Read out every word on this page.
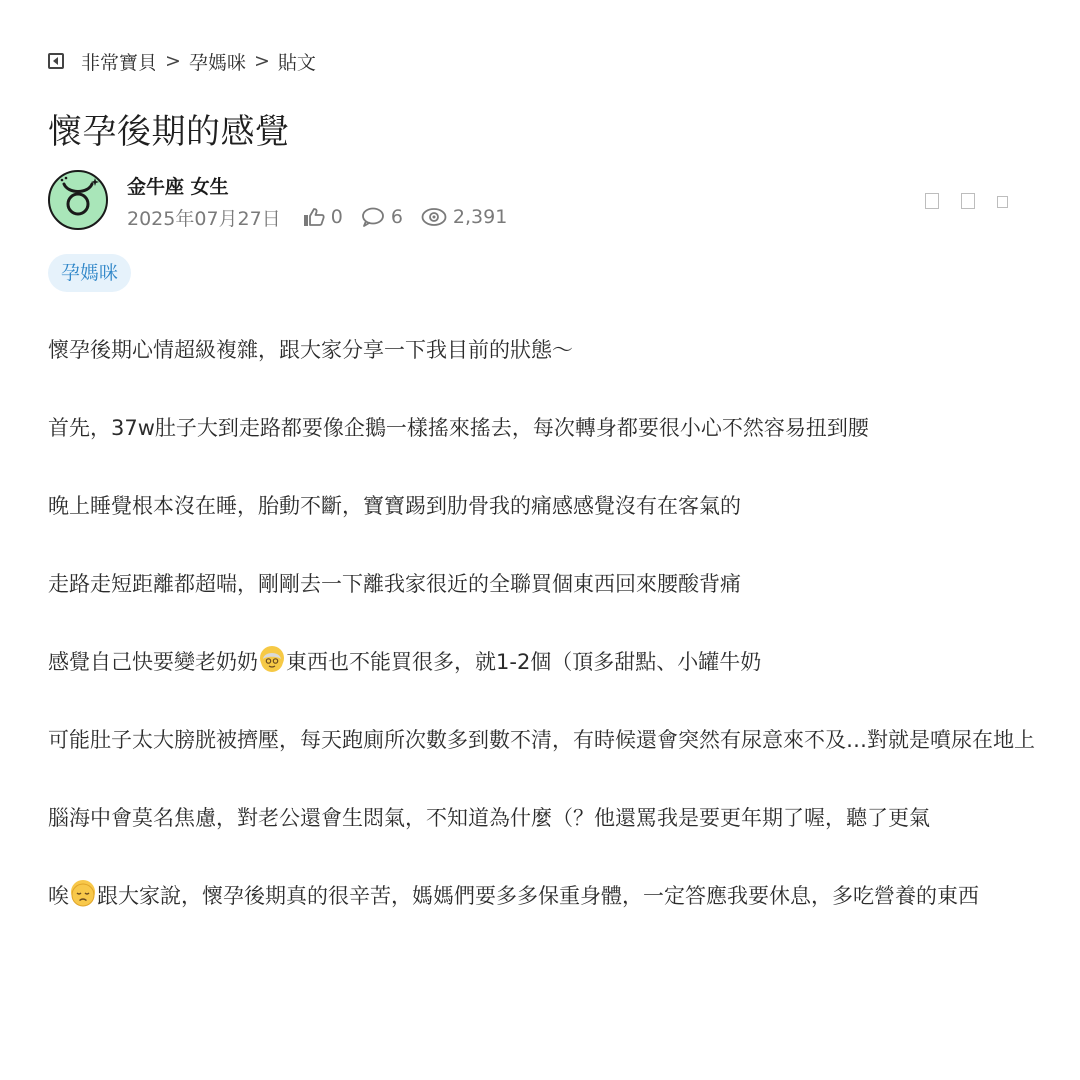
非常寶貝 > 孕媽咪 > 貼文
懷孕後期的感覺
金牛座 女生
2025年07月27日	0	6	2,391
孕媽咪

懷孕後期心情超級複雜，跟大家分享一下我目前的狀態～

首先，37w肚子大到走路都要像企鵝一樣搖來搖去，每次轉身都要很小心不然容易扭到腰

晚上睡覺根本沒在睡，胎動不斷，寶寶踢到肋骨我的痛感感覺沒有在客氣的

走路走短距離都超喘，剛剛去一下離我家很近的全聯買個東西回來腰酸背痛

感覺自己快要變老奶奶 東西也不能買很多，就1-2個（頂多甜點、小罐牛奶

可能肚子太大膀胱被擠壓，每天跑廁所次數多到數不清，有時候還會突然有尿意來不及…對就是噴尿在地上

腦海中會莫名焦慮，對老公還會生悶氣，不知道為什麼（？他還罵我是要更年期了喔，聽了更氣

唉 跟大家說，懷孕後期真的很辛苦，媽媽們要多多保重身體，一定答應我要休息，多吃營養的東西
